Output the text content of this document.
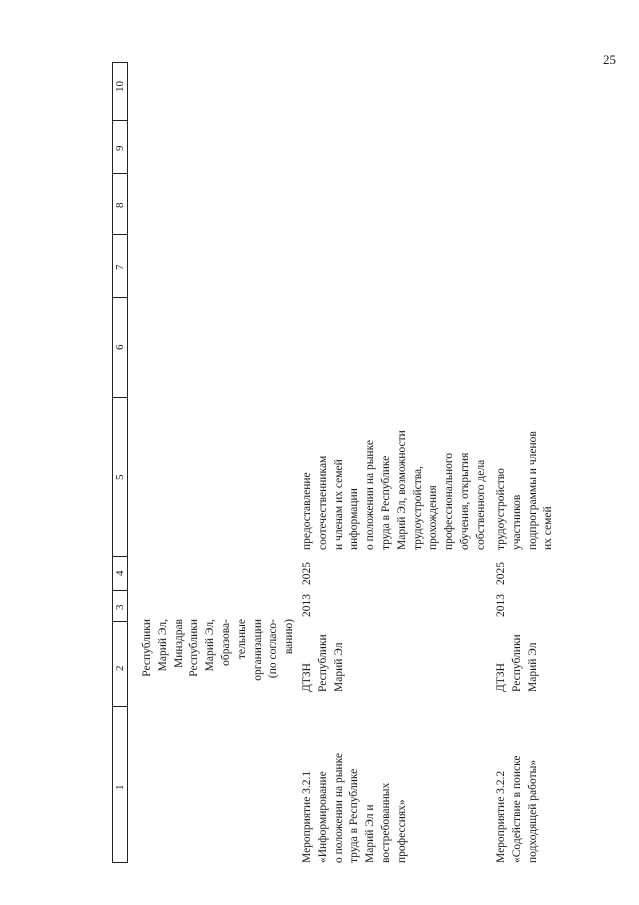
25
1
2
3
4
5
6
7
8
9
10
Республики Марий Эл, Минздрав Республики Марий Эл, образова- тельные организации (по согласо- ванию)
Мероприятие 3.2.1 «Информирование о положении на рынке труда в Республике Марий Эл и востребованных профессиях»
ДТЗН Республики Марий Эл
2013
2025
предоставление соотечественникам и членам их семей информации о положении на рынке труда в Республике Марий Эл, возможности трудоустройства, прохождения профессионального обучения, открытия собственного дела
Мероприятие 3.2.2 «Содействие в поиске подходящей работы»
ДТЗН Республики Марий Эл
2013
2025
трудоустройство участников подпрограммы и членов их семей
